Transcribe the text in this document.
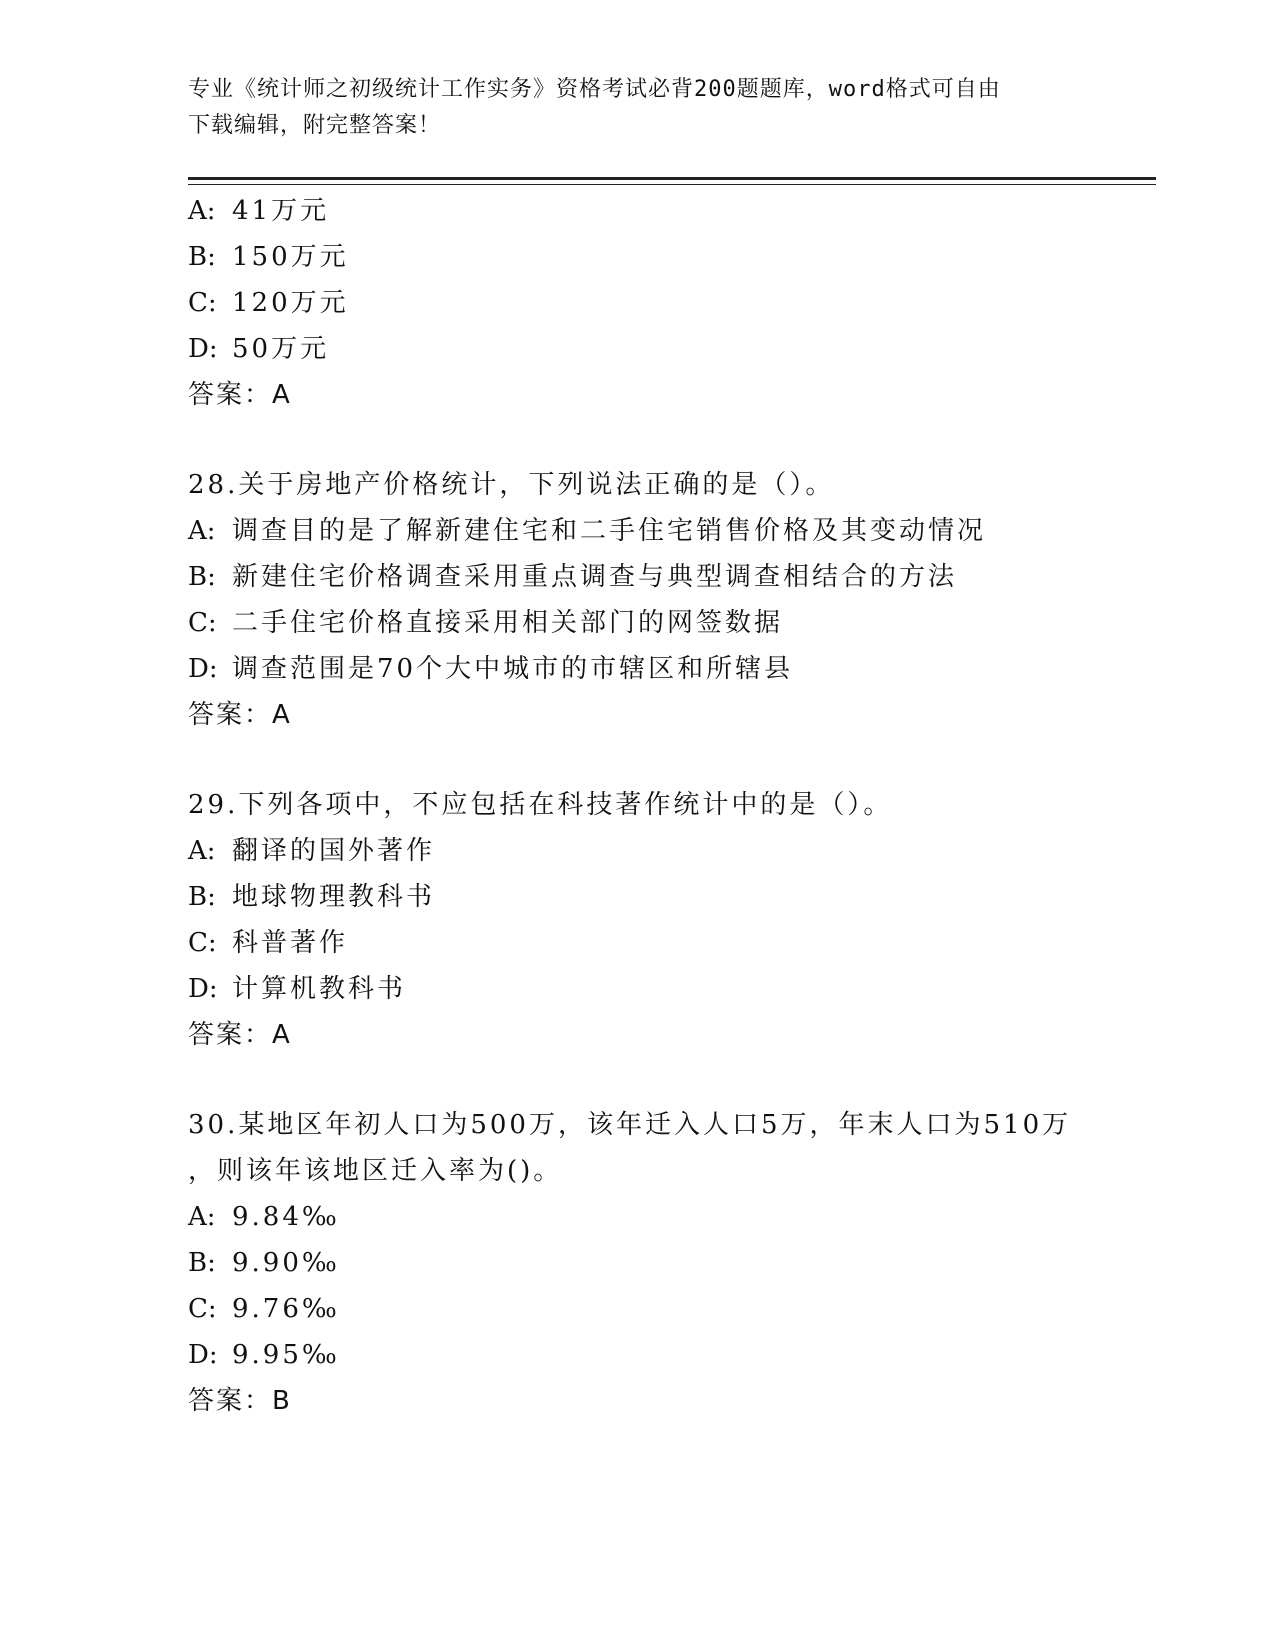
专业《统计师之初级统计工作实务》资格考试必背200题题库，word格式可自由
下载编辑，附完整答案！
A: 41万元
B: 150万元
C: 120万元
D: 50万元
答案：A
28.关于房地产价格统计，下列说法正确的是（）。
A: 调查目的是了解新建住宅和二手住宅销售价格及其变动情况
B: 新建住宅价格调查采用重点调查与典型调查相结合的方法
C: 二手住宅价格直接采用相关部门的网签数据
D: 调查范围是70个大中城市的市辖区和所辖县
答案：A
29.下列各项中，不应包括在科技著作统计中的是（）。
A: 翻译的国外著作
B: 地球物理教科书
C: 科普著作
D: 计算机教科书
答案：A
30.某地区年初人口为500万，该年迁入人口5万，年末人口为510万
，则该年该地区迁入率为()。
A: 9.84‰
B: 9.90‰
C: 9.76‰
D: 9.95‰
答案：B
